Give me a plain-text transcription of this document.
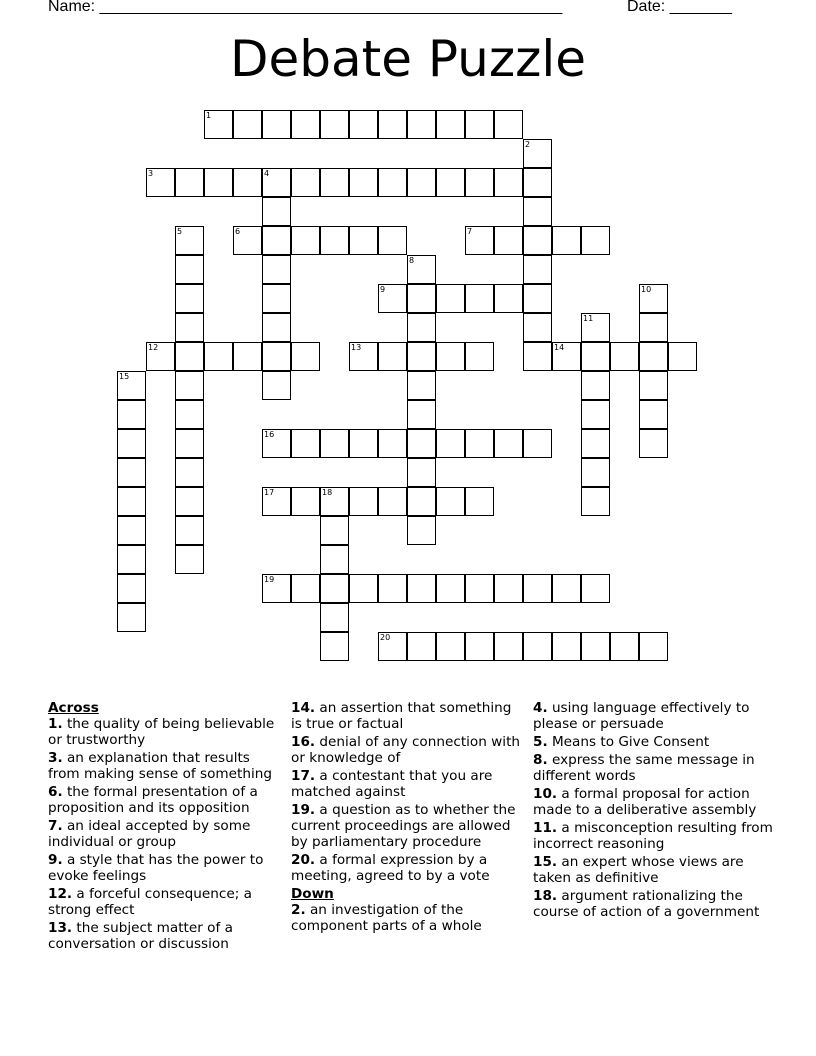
Name: ____________________________________________________	Date: _______
Debate Puzzle
1
2
3	4
5	6	7
8
9	10
11
12	13	14
15
16
17	18
19
20
Across
1. the quality of being believable or trustworthy
3. an explanation that results from making sense of something
6. the formal presentation of a proposition and its opposition
7. an ideal accepted by some individual or group
9. a style that has the power to evoke feelings
12. a forceful consequence; a strong effect
13. the subject matter of a conversation or discussion
14. an assertion that something is true or factual
16. denial of any connection with or knowledge of
17. a contestant that you are matched against
19. a question as to whether the current proceedings are allowed by parliamentary procedure
20. a formal expression by a meeting, agreed to by a vote
Down
2. an investigation of the component parts of a whole
4. using language effectively to please or persuade
5. Means to Give Consent
8. express the same message in different words
10. a formal proposal for action made to a deliberative assembly
11. a misconception resulting from incorrect reasoning
15. an expert whose views are taken as definitive
18. argument rationalizing the course of action of a government
